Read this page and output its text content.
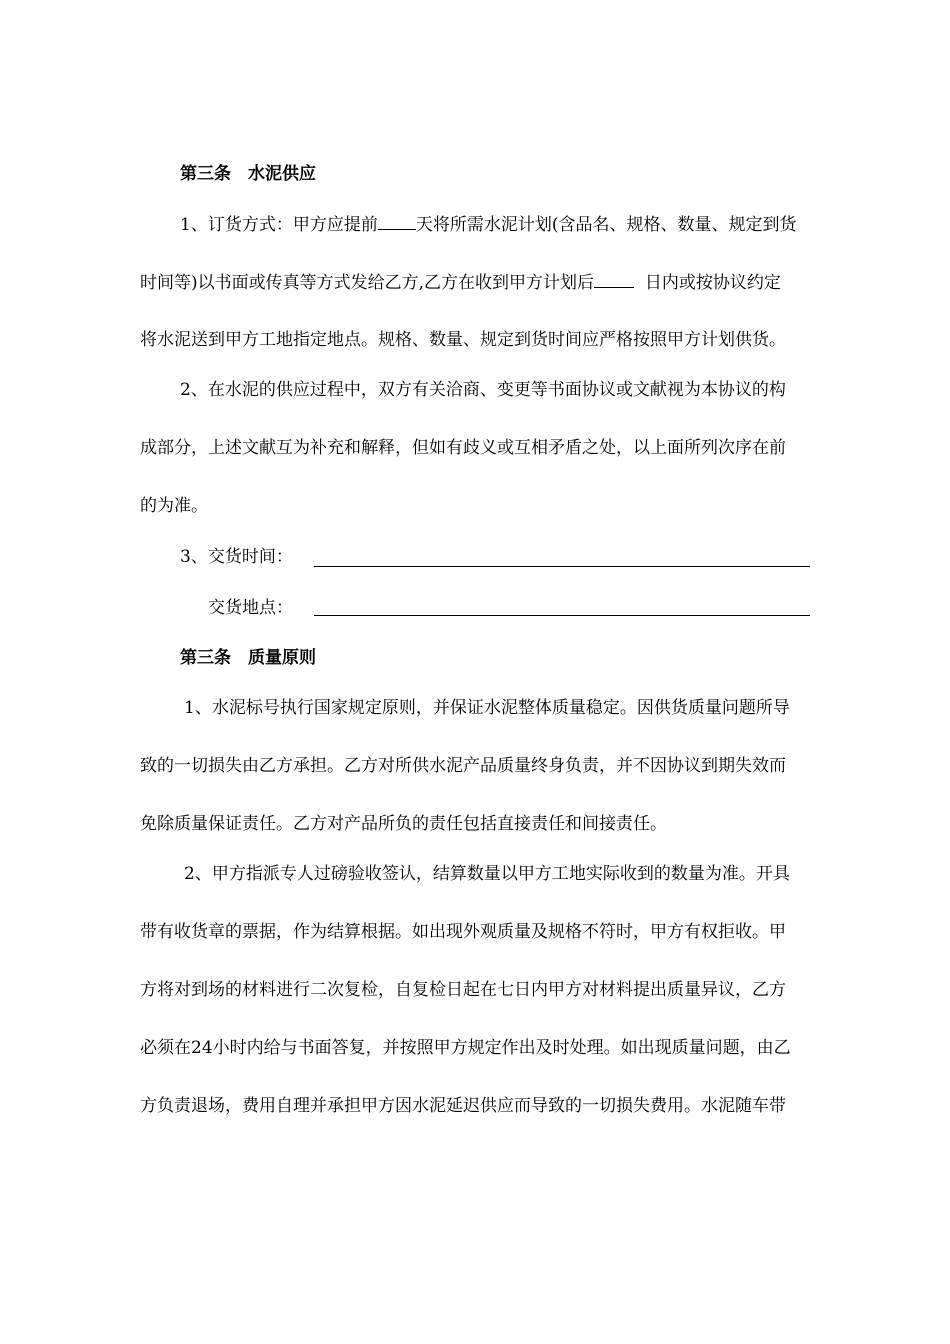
第三条　水泥供应
1、订货方式：甲方应提前 天将所需水泥计划(含品名、规格、数量、规定到货
时间等)以书面或传真等方式发给乙方,乙方在收到甲方计划后	日内或按协议约定
将水泥送到甲方工地指定地点。规格、数量、规定到货时间应严格按照甲方计划供货。
2、在水泥的供应过程中，双方有关洽商、变更等书面协议或文献视为本协议的构
成部分，上述文献互为补充和解释，但如有歧义或互相矛盾之处，以上面所列次序在前
的为准。
3、交货时间：
交货地点：
第三条　质量原则
1、水泥标号执行国家规定原则，并保证水泥整体质量稳定。因供货质量问题所导
致的一切损失由乙方承担。乙方对所供水泥产品质量终身负责，并不因协议到期失效而
免除质量保证责任。乙方对产品所负的责任包括直接责任和间接责任。
2、甲方指派专人过磅验收签认，结算数量以甲方工地实际收到的数量为准。开具
带有收货章的票据，作为结算根据。如出现外观质量及规格不符时，甲方有权拒收。甲
方将对到场的材料进行二次复检，自复检日起在七日内甲方对材料提出质量异议，乙方
必须在24小时内给与书面答复，并按照甲方规定作出及时处理。如出现质量问题，由乙
方负责退场，费用自理并承担甲方因水泥延迟供应而导致的一切损失费用。水泥随车带
